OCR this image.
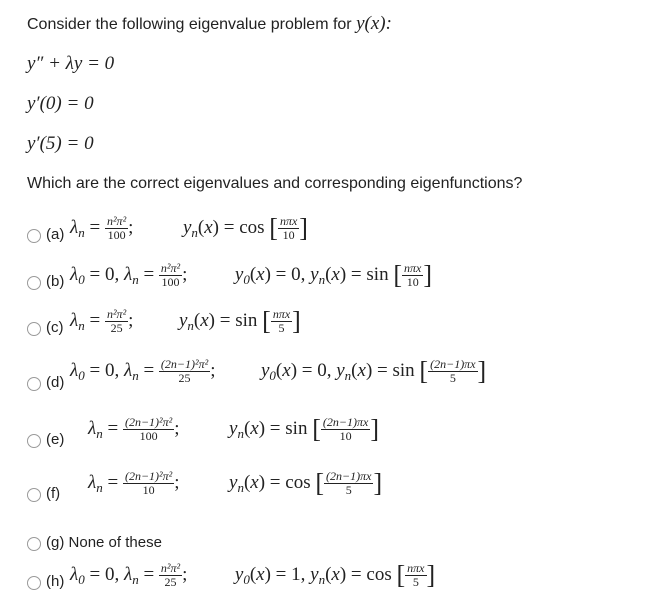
Consider the following eigenvalue problem for y(x):
y″ + λy = 0
y′(0) = 0
y′(5) = 0
Which are the correct eigenvalues and corresponding eigenfunctions?
(a) $\lambda_n = \frac{\text{n²π²}}{100}$ ;	$y_n(x) = \cos$ [ $\frac{\text{nπx}}{10}$ ]
(b) $\lambda_0 = 0$, $\lambda_n = \frac{\text{n²π²}}{100}$ ;	$y_0(x) = 0$, $y_n(x) = \sin$ [ $\frac{\text{nπx}}{10}$ ]
(c) $\lambda_n = \frac{\text{n²π²}}{25}$ ; $y_n(x) = \sin$ [ $\frac{\text{nπx}}{5}$ ]
(d)
$\lambda_0 = 0$, $\lambda_n = \frac{\text{(2n−1)²π²}}{25}$ ; $y_0(x) = 0$, $y_n(x) = \sin$ [ $\frac{(2n-1)\pi x}{5}$ ]
(e)
$\lambda_n = \frac{\text{(2n−1)²π²}}{100}$ ;	$y_n(x) = \sin$ [ $\frac{(2n-1)\pi x}{10}$ ]
(f)
$\lambda_n = \frac{\text{(2n−1)²π²}}{10}$ ;	$y_n(x) = \cos$ [ $\frac{(2n-1)\pi x}{5}$ ]
(g) None of these
(h) $\lambda_0 = 0$, $\lambda_n = \frac{\text{n²π²}}{25}$ ;	$y_0(x) = 1$, $y_n(x) = \cos$ [ $\frac{\text{nπx}}{5}$ ]
